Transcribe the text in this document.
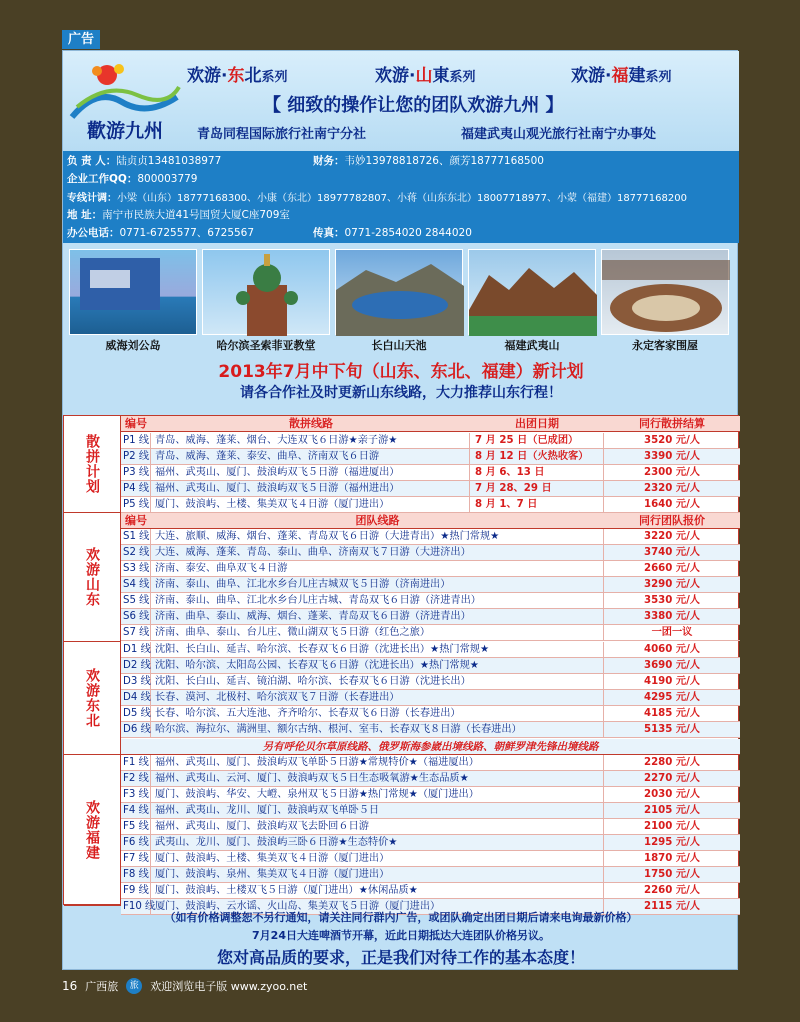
广告
歡游九州
欢游·东北系列	欢游·山東系列	欢游·福建系列
【 细致的操作让您的团队欢游九州 】
青岛同程国际旅行社南宁分社	福建武夷山观光旅行社南宁办事处
负 责 人：陆贞贞13481038977	财务：韦妙13978818726、颜芳18777168500
企业工作QQ：800003779
专线计调：小梁（山东）18777168300、小康（东北）18977782807、小蒋（山东东北）18007718977、小蒙（福建）18777168200
地 址：南宁市民族大道41号国贸大厦C座709室
办公电话：0771-6725577、6725567	传真：0771-2854020 2844020
威海刘公岛	哈尔滨圣索菲亚教堂	长白山天池	福建武夷山	永定客家围屋
2013年7月中下旬（山东、东北、福建）新计划
请各合作社及时更新山东线路，大力推荐山东行程！
散拼计划
欢游山东
欢游东北
欢游福建
编号	散拼线路	出团日期	同行散拼结算
P1 线 青岛、威海、蓬莱、烟台、大连双飞６日游★亲子游★	7 月 25 日（已成团）	3520 元/人
P2 线 青岛、威海、蓬莱、泰安、曲阜、济南双飞６日游	8 月 12 日（火热收客）	3390 元/人
P3 线 福州、武夷山、厦门、鼓浪屿双飞５日游（福进厦出）	8 月 6、13 日	2300 元/人
P4 线 福州、武夷山、厦门、鼓浪屿双飞５日游（福州进出）	7 月 28、29 日	2320 元/人
P5 线 厦门、鼓浪屿、土楼、集美双飞４日游（厦门进出）	8 月 1、7 日	1640 元/人
编号	团队线路	同行团队报价
S1 线 大连、旅顺、威海、烟台、蓬莱、青岛双飞６日游（大进青出）★热门常规★	3220 元/人
S2 线 大连、威海、蓬莱、青岛、泰山、曲阜、济南双飞７日游（大进济出）	3740 元/人
S3 线 济南、泰安、曲阜双飞４日游	2660 元/人
S4 线 济南、泰山、曲阜、江北水乡台儿庄古城双飞５日游（济南进出）	3290 元/人
S5 线 济南、泰山、曲阜、江北水乡台儿庄古城、青岛双飞６日游（济进青出）	3530 元/人
S6 线 济南、曲阜、泰山、威海、烟台、蓬莱、青岛双飞６日游（济进青出）	3380 元/人
S7 线 济南、曲阜、泰山、台儿庄、微山湖双飞５日游（红色之旅）	一团一议
D1 线 沈阳、长白山、延吉、哈尔滨、长春双飞６日游（沈进长出）★热门常规★	4060 元/人
D2 线 沈阳、哈尔滨、太阳岛公园、长春双飞６日游（沈进长出）★热门常规★	3690 元/人
D3 线 沈阳、长白山、延吉、镜泊湖、哈尔滨、长春双飞６日游（沈进长出）	4190 元/人
D4 线 长春、漠河、北极村、哈尔滨双飞７日游（长春进出）	4295 元/人
D5 线 长春、哈尔滨、五大连池、齐齐哈尔、长春双飞６日游（长春进出）	4185 元/人
D6 线 哈尔滨、海拉尔、满洲里、额尔古纳、根河、室韦、长春双飞８日游（长春进出）	5135 元/人
另有呼伦贝尔草原线路、俄罗斯海参崴出境线路、朝鲜罗津先锋出境线路
F1 线 福州、武夷山、厦门、鼓浪屿双飞单卧５日游★常规特价★（福进厦出）	2280 元/人
F2 线 福州、武夷山、云河、厦门、鼓浪屿双飞５日生态吸氧游★生态品质★	2270 元/人
F3 线 厦门、鼓浪屿、华安、大嶝、泉州双飞５日游★热门常规★（厦门进出）	2030 元/人
F4 线 福州、武夷山、龙川、厦门、鼓浪屿双飞单卧５日	2105 元/人
F5 线 福州、武夷山、厦门、鼓浪屿双飞去卧回６日游	2100 元/人
F6 线 武夷山、龙川、厦门、鼓浪屿三卧６日游★生态特价★	1295 元/人
F7 线 厦门、鼓浪屿、土楼、集美双飞４日游（厦门进出）	1870 元/人
F8 线 厦门、鼓浪屿、泉州、集美双飞４日游（厦门进出）	1750 元/人
F9 线 厦门、鼓浪屿、土楼双飞５日游（厦门进出）★休闲品质★	2260 元/人
F10 线 厦门、鼓浪屿、云水谣、火山岛、集美双飞５日游（厦门进出）	2115 元/人
（如有价格调整恕不另行通知，请关注同行群内广告，或团队确定出团日期后请来电询最新价格）
7月24日大连啤酒节开幕，近此日期抵达大连团队价格另议。
您对高品质的要求，正是我们对待工作的基本态度！
16 广西旅	旅	欢迎浏览电子版 www.zyoo.net
